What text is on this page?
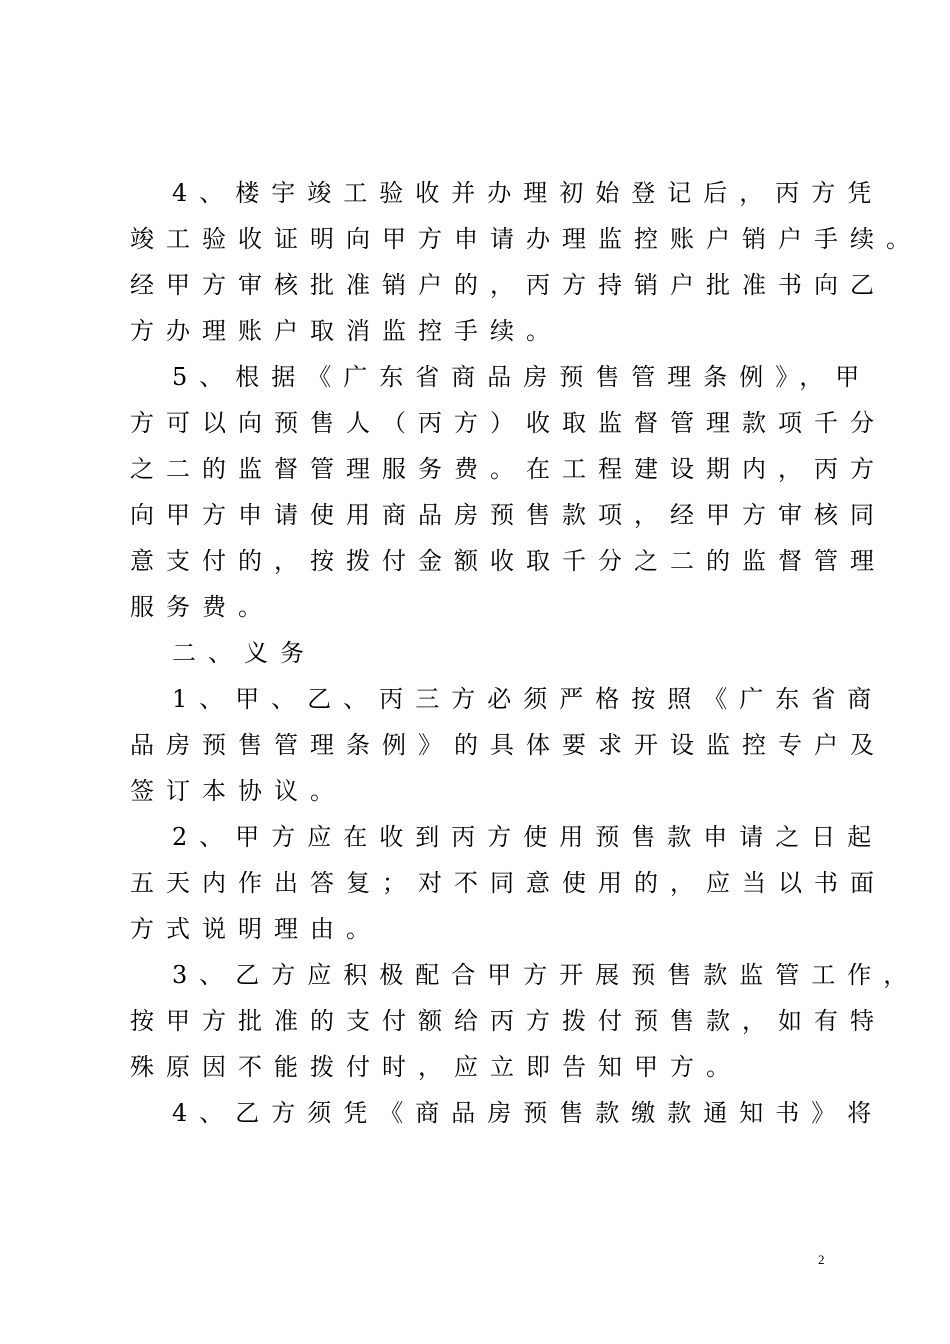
4、楼宇竣工验收并办理初始登记后，丙方凭
竣工验收证明向甲方申请办理监控账户销户手续。
经甲方审核批准销户的，丙方持销户批准书向乙
方办理账户取消监控手续。
5、根据《广东省商品房预售管理条例》，甲
方可以向预售人（丙方）收取监督管理款项千分
之二的监督管理服务费。在工程建设期内，丙方
向甲方申请使用商品房预售款项，经甲方审核同
意支付的，按拨付金额收取千分之二的监督管理
服务费。
二、义务
1、甲、乙、丙三方必须严格按照《广东省商
品房预售管理条例》的具体要求开设监控专户及
签订本协议。
2、甲方应在收到丙方使用预售款申请之日起
五天内作出答复；对不同意使用的，应当以书面
方式说明理由。
3、乙方应积极配合甲方开展预售款监管工作，
按甲方批准的支付额给丙方拨付预售款，如有特
殊原因不能拨付时，应立即告知甲方。
4、乙方须凭《商品房预售款缴款通知书》将
2
